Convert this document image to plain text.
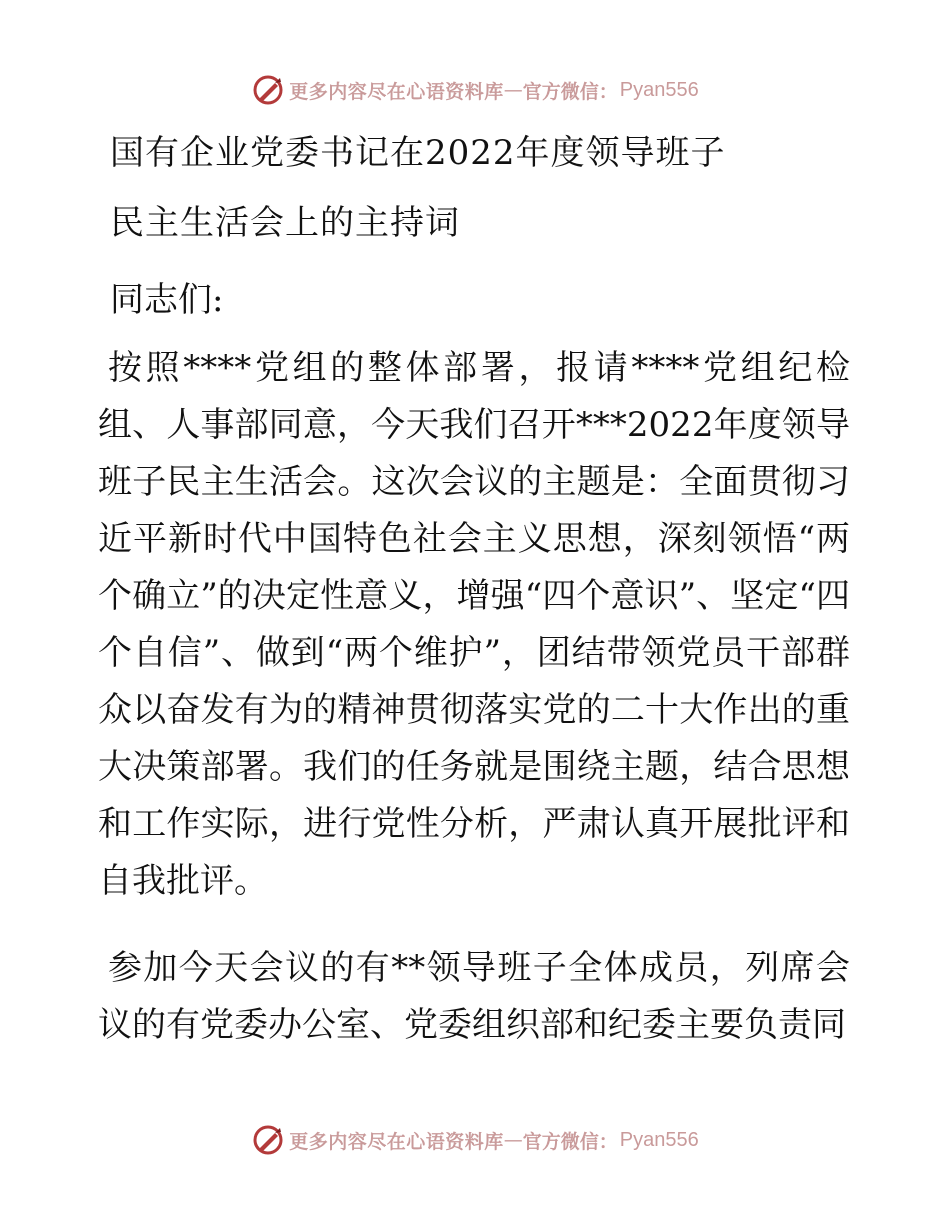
更多内容尽在心语资料库 — 官方微信： Pyan556
国有企业党委书记在2022年度领导班子
民主生活会上的主持词

同志们:

按照****党组的整体部署，报请****党组纪检组、人事部同意，今天我们召开***2022年度领导班子民主生活会。这次会议的主题是：全面贯彻习近平新时代中国特色社会主义思想，深刻领悟“两个确立”的决定性意义，增强“四个意识”、坚定“四个自信”、做到“两个维护”，团结带领党员干部群众以奋发有为的精神贯彻落实党的二十大作出的重大决策部署。我们的任务就是围绕主题，结合思想和工作实际，进行党性分析，严肃认真开展批评和自我批评。

参加今天会议的有**领导班子全体成员，列席会议的有党委办公室、党委组织部和纪委主要负责同

更多内容尽在心语资料库 — 官方微信： Pyan556
